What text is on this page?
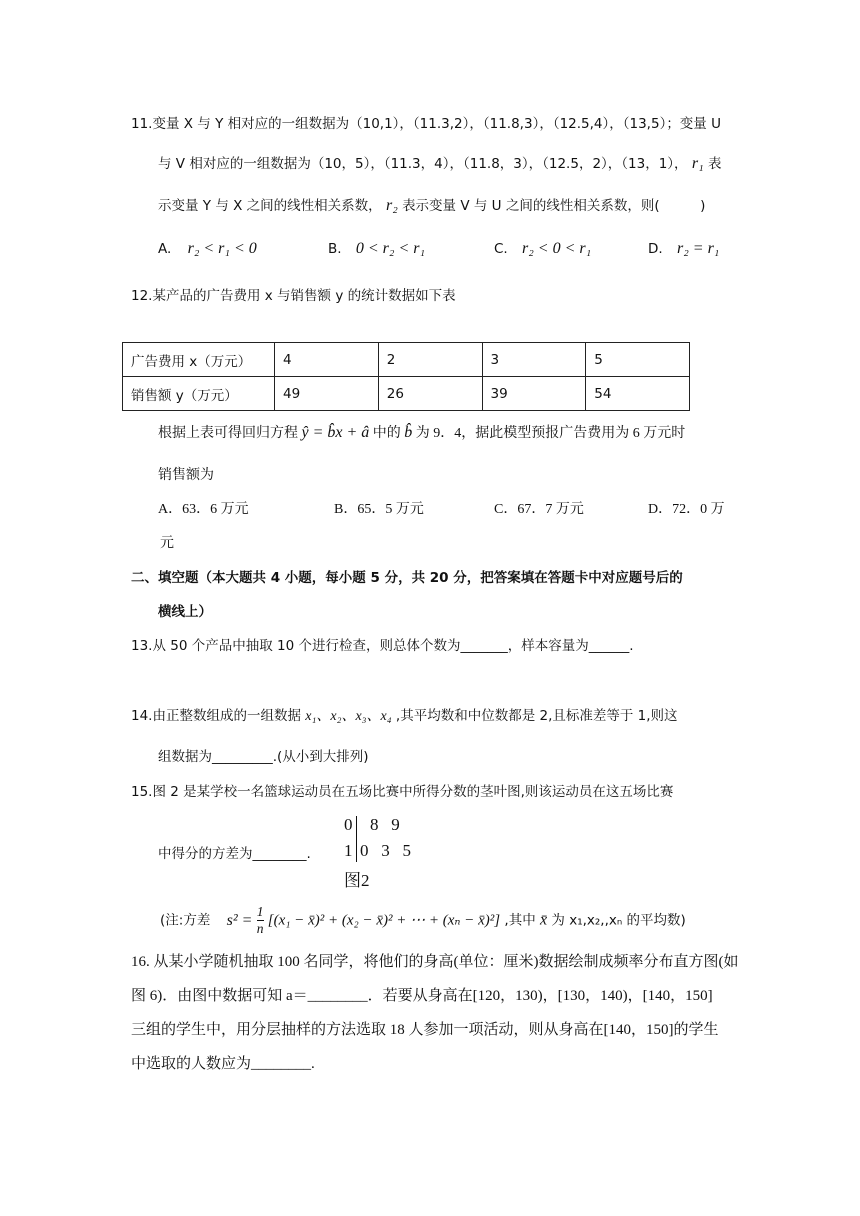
11.变量 X 与 Y 相对应的一组数据为（10,1），（11.3,2），（11.8,3），（12.5,4），（13,5）；变量 U
与 V 相对应的一组数据为（10，5），（11.3，4），（11.8，3），（12.5，2），（13，1）， r₁ 表
示变量 Y 与 X 之间的线性相关系数， r₂ 表示变量 V 与 U 之间的线性相关系数，则(　　　)
A. r₂ < r₁ < 0	B. 0 < r₂ < r₁	C. r₂ < 0 < r₁	D. r₂ = r₁
12.某产品的广告费用 x 与销售额 y 的统计数据如下表
广告费用 x（万元）	4	2	3	5
销售额 y（万元）	49	26	39	54
根据上表可得回归方程 ŷ = b̂x + â 中的 b̂ 为 9．4，据此模型预报广告费用为 6 万元时
销售额为
A．63．6 万元	B．65．5 万元	C．67．7 万元	D．72．0 万
元
二、填空题（本大题共 4 小题，每小题 5 分，共 20 分，把答案填在答题卡中对应题号后的
横线上）
13.从 50 个产品中抽取 10 个进行检查，则总体个数为_______，样本容量为______.
14.由正整数组成的一组数据 x₁、x₂、x₃、x₄ ,其平均数和中位数都是 2,且标准差等于 1,则这
组数据为_________.(从小到大排列)
15.图 2 是某学校一名篮球运动员在五场比赛中所得分数的茎叶图,则该运动员在这五场比赛
中得分的方差为________.
0 8   9
1 0   3   5
图2
(注:方差 $s^2 = \frac{1}{n} [(x_1$ − x̄)² + (x₂ − x̄)² + ⋯ + (xₙ − x̄)²] ,其中 x̄ 为 x₁,x₂,,xₙ 的平均数)
16. 从某小学随机抽取 100 名同学，将他们的身高(单位：厘米)数据绘制成频率分布直方图(如
图 6)．由图中数据可知 a＝________．若要从身高在[120，130)，[130，140)，[140，150]
三组的学生中，用分层抽样的方法选取 18 人参加一项活动，则从身高在[140，150]的学生
中选取的人数应为________.
